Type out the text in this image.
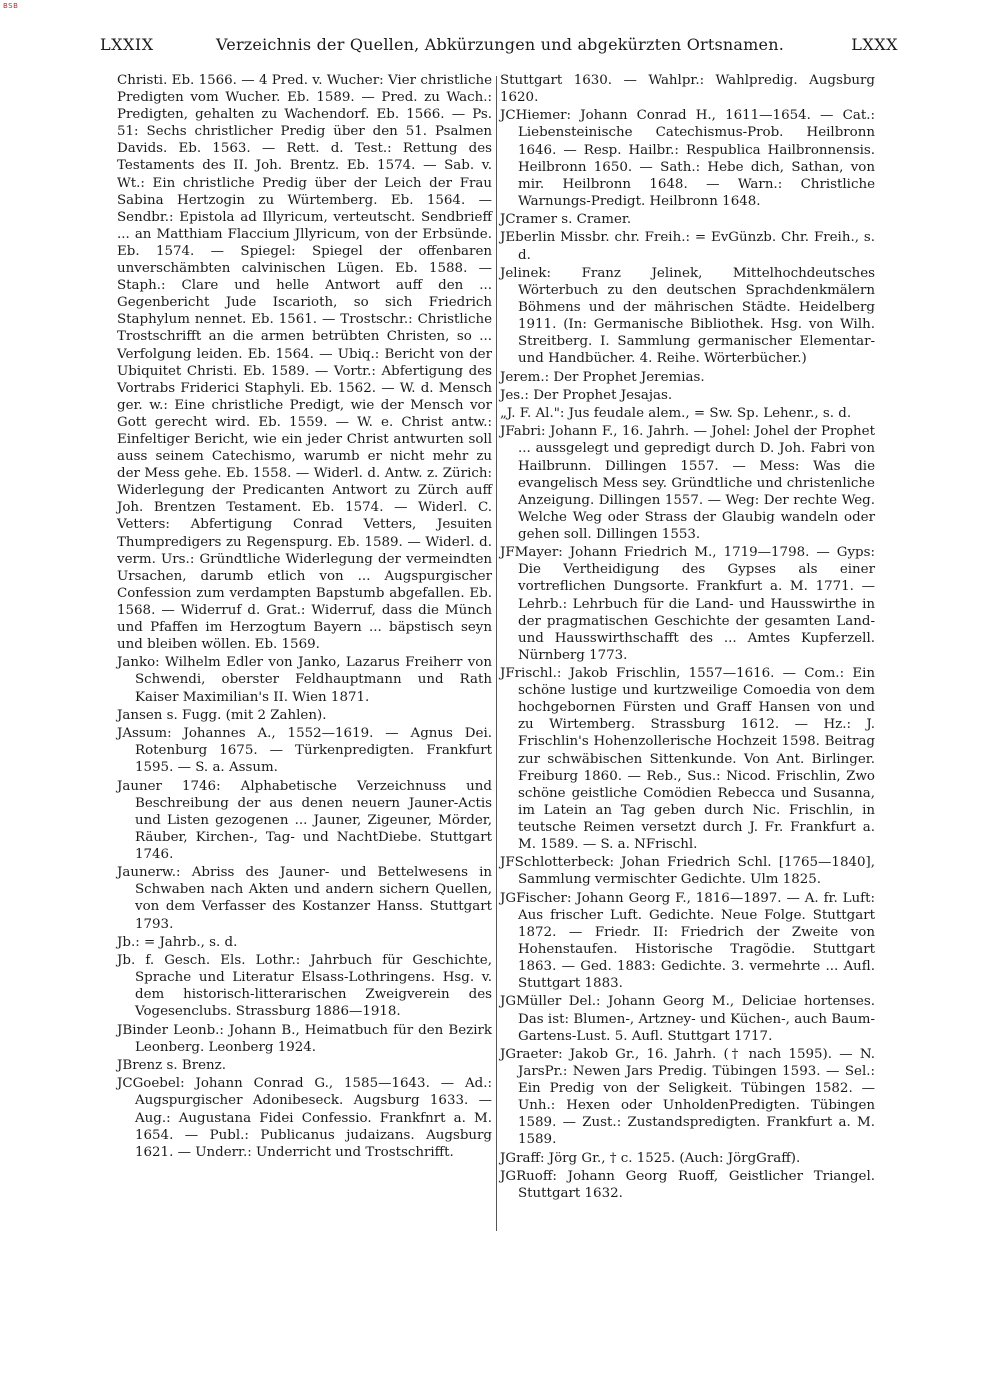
BSB
LXXIX	Verzeichnis der Quellen, Abkürzungen und abgekürzten Ortsnamen.	LXXX

Christi. Eb. 1566. — 4 Pred. v. Wucher: Vier christliche Predigten vom Wucher. Eb. 1589. — Pred. zu Wach.: Predigten, gehalten zu Wachendorf. Eb. 1566. — Ps. 51: Sechs christlicher Predig über den 51. Psalmen Davids. Eb. 1563. — Rett. d. Test.: Rettung des Testaments des II. Joh. Brentz. Eb. 1574. — Sab. v. Wt.: Ein christliche Predig über der Leich der Frau Sabina Hertzogin zu Würtemberg. Eb. 1564. — Sendbr.: Epistola ad Illyricum, verteutscht. Sendbrieff ... an Matthiam Flaccium Jllyricum, von der Erbsünde. Eb. 1574. — Spiegel: Spiegel der offenbaren unverschämbten calvinischen Lügen. Eb. 1588. — Staph.: Clare und helle Antwort auff den ... Gegenbericht Jude Iscarioth, so sich Friedrich Staphylum nennet. Eb. 1561. — Trostschr.: Christliche Trostschrifft an die armen betrübten Christen, so ... Verfolgung leiden. Eb. 1564. — Ubiq.: Bericht von der Ubiquitet Christi. Eb. 1589. — Vortr.: Abfertigung des Vortrabs Friderici Staphyli. Eb. 1562. — W. d. Mensch ger. w.: Eine christliche Predigt, wie der Mensch vor Gott gerecht wird. Eb. 1559. — W. e. Christ antw.: Einfeltiger Bericht, wie ein jeder Christ antwurten soll auss seinem Catechismo, warumb er nicht mehr zu der Mess gehe. Eb. 1558. — Widerl. d. Antw. z. Zürich: Widerlegung der Predicanten Antwort zu Zürch auff Joh. Brentzen Testament. Eb. 1574. — Widerl. C. Vetters: Abfertigung Conrad Vetters, Jesuiten Thumpredigers zu Regenspurg. Eb. 1589. — Widerl. d. verm. Urs.: Gründtliche Widerlegung der vermeindten Ursachen, darumb etlich von ... Augspurgischer Confession zum verdampten Bapstumb abgefallen. Eb. 1568. — Widerruf d. Grat.: Widerruf, dass die Münch und Pfaffen im Herzogtum Bayern ... bäpstisch seyn und bleiben wöllen. Eb. 1569.

Janko: Wilhelm Edler von Janko, Lazarus Freiherr von Schwendi, oberster Feldhauptmann und Rath Kaiser Maximilian's II. Wien 1871.

Jansen s. Fugg. (mit 2 Zahlen).

JAssum: Johannes A., 1552—1619. — Agnus Dei. Rotenburg 1675. — Türkenpredigten. Frankfurt 1595. — S. a. Assum.

Jauner 1746: Alphabetische Verzeichnuss und Beschreibung der aus denen neuern Jauner-Actis und Listen gezogenen ... Jauner, Zigeuner, Mörder, Räuber, Kirchen-, Tag- und NachtDiebe. Stuttgart 1746.

Jaunerw.: Abriss des Jauner- und Bettelwesens in Schwaben nach Akten und andern sichern Quellen, von dem Verfasser des Kostanzer Hanss. Stuttgart 1793.

Jb.: = Jahrb., s. d.

Jb. f. Gesch. Els. Lothr.: Jahrbuch für Geschichte, Sprache und Literatur Elsass-Lothringens. Hsg. v. dem historisch-litterarischen Zweigverein des Vogesenclubs. Strassburg 1886—1918.

JBinder Leonb.: Johann B., Heimatbuch für den Bezirk Leonberg. Leonberg 1924.

JBrenz s. Brenz.

JCGoebel: Johann Conrad G., 1585—1643. — Ad.: Augspurgischer Adonibeseck. Augsburg 1633. — Aug.: Augustana Fidei Confessio. Frankfnrt a. M. 1654. — Publ.: Publicanus judaizans. Augsburg 1621. — Underr.: Underricht und Trostschrifft.

Stuttgart 1630. — Wahlpr.: Wahlpredig. Augsburg 1620.

JCHiemer: Johann Conrad H., 1611—1654. — Cat.: Liebensteinische Catechismus-Prob. Heilbronn 1646. — Resp. Hailbr.: Respublica Hailbronnensis. Heilbronn 1650. — Sath.: Hebe dich, Sathan, von mir. Heilbronn 1648. — Warn.: Christliche Warnungs-Predigt. Heilbronn 1648.

JCramer s. Cramer.

JEberlin Missbr. chr. Freih.: = EvGünzb. Chr. Freih., s. d.

Jelinek: Franz Jelinek, Mittelhochdeutsches Wörterbuch zu den deutschen Sprachdenkmälern Böhmens und der mährischen Städte. Heidelberg 1911. (In: Germanische Bibliothek. Hsg. von Wilh. Streitberg. I. Sammlung germanischer Elementar- und Handbücher. 4. Reihe. Wörterbücher.)

Jerem.: Der Prophet Jeremias.

Jes.: Der Prophet Jesajas.

„J. F. Al.": Jus feudale alem., = Sw. Sp. Lehenr., s. d.

JFabri: Johann F., 16. Jahrh. — Johel: Johel der Prophet ... aussgelegt und gepredigt durch D. Joh. Fabri von Hailbrunn. Dillingen 1557. — Mess: Was die evangelisch Mess sey. Gründtliche und christenliche Anzeigung. Dillingen 1557. — Weg: Der rechte Weg. Welche Weg oder Strass der Glaubig wandeln oder gehen soll. Dillingen 1553.

JFMayer: Johann Friedrich M., 1719—1798. — Gyps: Die Vertheidigung des Gypses als einer vortreflichen Dungsorte. Frankfurt a. M. 1771. — Lehrb.: Lehrbuch für die Land- und Hausswirthe in der pragmatischen Geschichte der gesamten Land- und Hausswirthschafft des ... Amtes Kupferzell. Nürnberg 1773.

JFrischl.: Jakob Frischlin, 1557—1616. — Com.: Ein schöne lustige und kurtzweilige Comoedia von dem hochgebornen Fürsten und Graff Hansen von und zu Wirtemberg. Strassburg 1612. — Hz.: J. Frischlin's Hohenzollerische Hochzeit 1598. Beitrag zur schwäbischen Sittenkunde. Von Ant. Birlinger. Freiburg 1860. — Reb., Sus.: Nicod. Frischlin, Zwo schöne geistliche Comödien Rebecca und Susanna, im Latein an Tag geben durch Nic. Frischlin, in teutsche Reimen versetzt durch J. Fr. Frankfurt a. M. 1589. — S. a. NFrischl.

JFSchlotterbeck: Johan Friedrich Schl. [1765—1840], Sammlung vermischter Gedichte. Ulm 1825.

JGFischer: Johann Georg F., 1816—1897. — A. fr. Luft: Aus frischer Luft. Gedichte. Neue Folge. Stuttgart 1872. — Friedr. II: Friedrich der Zweite von Hohenstaufen. Historische Tragödie. Stuttgart 1863. — Ged. 1883: Gedichte. 3. vermehrte ... Aufl. Stuttgart 1883.

JGMüller Del.: Johann Georg M., Deliciae hortenses. Das ist: Blumen-, Artzney- und Küchen-, auch Baum-Gartens-Lust. 5. Aufl. Stuttgart 1717.

JGraeter: Jakob Gr., 16. Jahrh. († nach 1595). — N. JarsPr.: Newen Jars Predig. Tübingen 1593. — Sel.: Ein Predig von der Seligkeit. Tübingen 1582. — Unh.: Hexen oder UnholdenPredigten. Tübingen 1589. — Zust.: Zustandspredigten. Frankfurt a. M. 1589.

JGraff: Jörg Gr., † c. 1525. (Auch: JörgGraff).

JGRuoff: Johann Georg Ruoff, Geistlicher Triangel. Stuttgart 1632.
